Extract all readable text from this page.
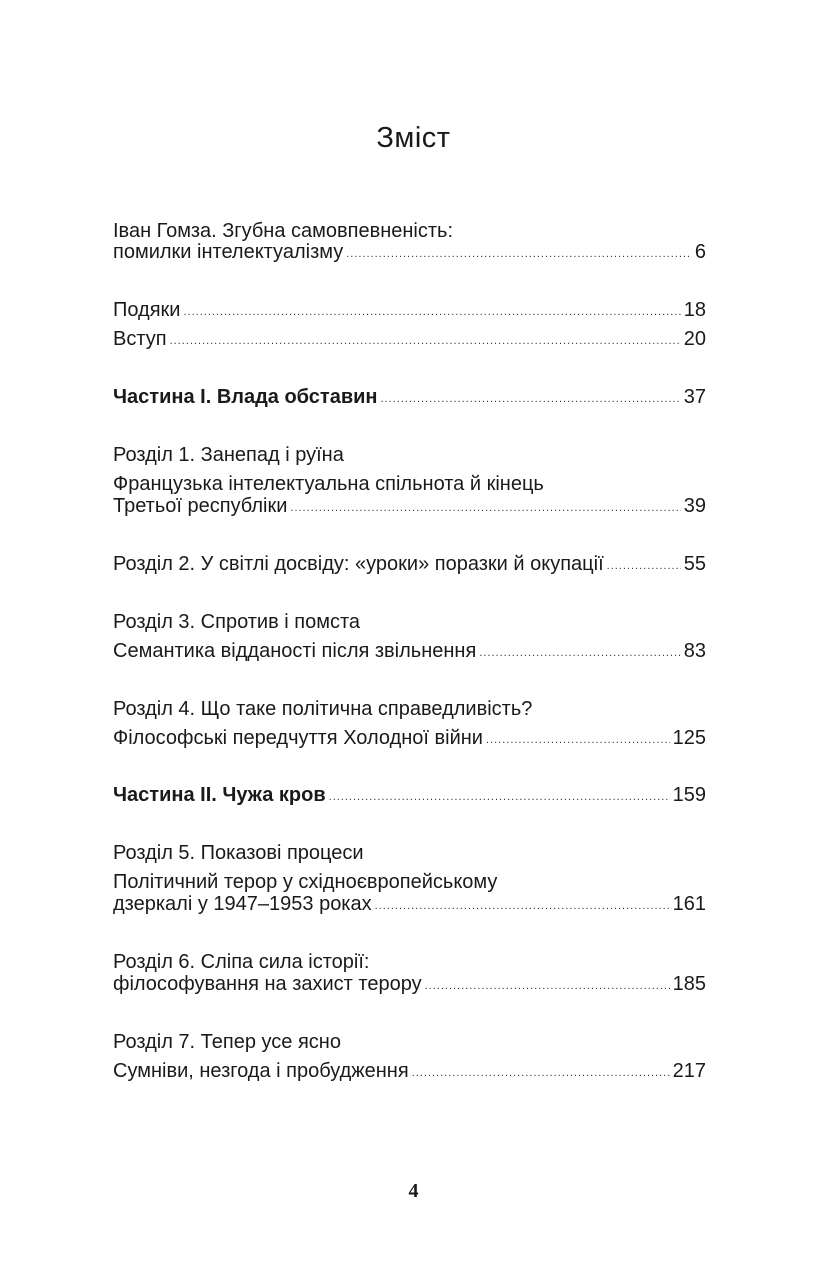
Зміст
Іван Гомза. Згубна самовпевненість:
помилки інтелектуалізму .....	6
Подяки .....	18
Вступ .....	20
Частина І. Влада обставин .....	37
Розділ 1. Занепад і руїна
Французька інтелектуальна спільнота й кінець
Третьої республіки .....	39
Розділ 2. У світлі досвіду: «уроки» поразки й окупації .....	55
Розділ 3. Спротив і помста
Семантика відданості після звільнення .....	83
Розділ 4. Що таке політична справедливість?
Філософські передчуття Холодної війни .....	125
Частина ІІ. Чужа кров .....	159
Розділ 5. Показові процеси
Політичний терор у східноєвропейському
дзеркалі у 1947–1953 роках .....	161
Розділ 6. Сліпа сила історії:
філософування на захист терору .....	185
Розділ 7. Тепер усе ясно
Сумніви, незгода і пробудження .....	217
4
